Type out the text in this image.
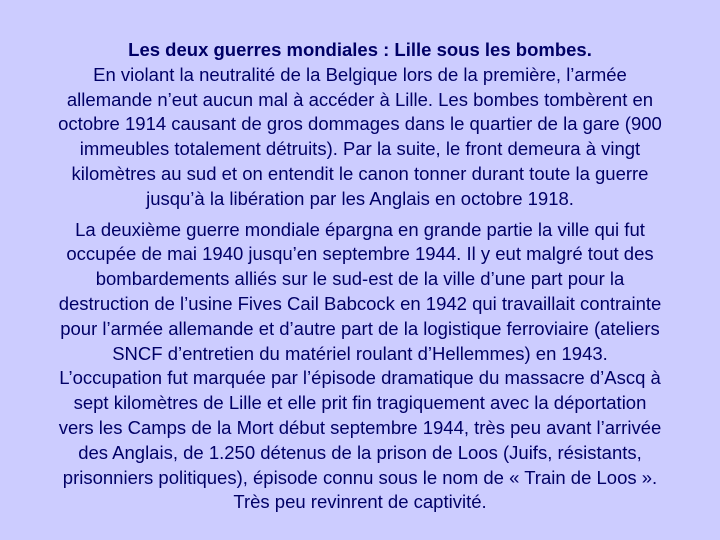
Les deux guerres mondiales : Lille sous les bombes.
En violant la neutralité de la Belgique lors de la première, l’armée
allemande n’eut aucun mal à accéder à Lille. Les bombes tombèrent en
octobre 1914 causant de gros dommages dans le quartier de la gare (900
immeubles totalement détruits). Par la suite, le front demeura à vingt
kilomètres au sud et on entendit le canon tonner durant toute la guerre
jusqu’à la libération par les Anglais en octobre 1918.

La deuxième guerre mondiale épargna en grande partie la ville qui fut
occupée de mai 1940 jusqu’en septembre 1944. Il y eut malgré tout des
bombardements alliés sur le sud-est de la ville d’une part pour la
destruction de l’usine Fives Cail Babcock en 1942 qui travaillait contrainte
pour l’armée allemande et d’autre part de la logistique ferroviaire (ateliers
SNCF d’entretien du matériel roulant d’Hellemmes) en 1943.
L’occupation fut marquée par l’épisode dramatique du massacre d’Ascq à
sept kilomètres de Lille et elle prit fin tragiquement avec la déportation
vers les Camps de la Mort début septembre 1944, très peu avant l’arrivée
des Anglais, de 1.250 détenus de la prison de Loos (Juifs, résistants,
prisonniers politiques), épisode connu sous le nom de « Train de Loos ».
Très peu revinrent de captivité.
